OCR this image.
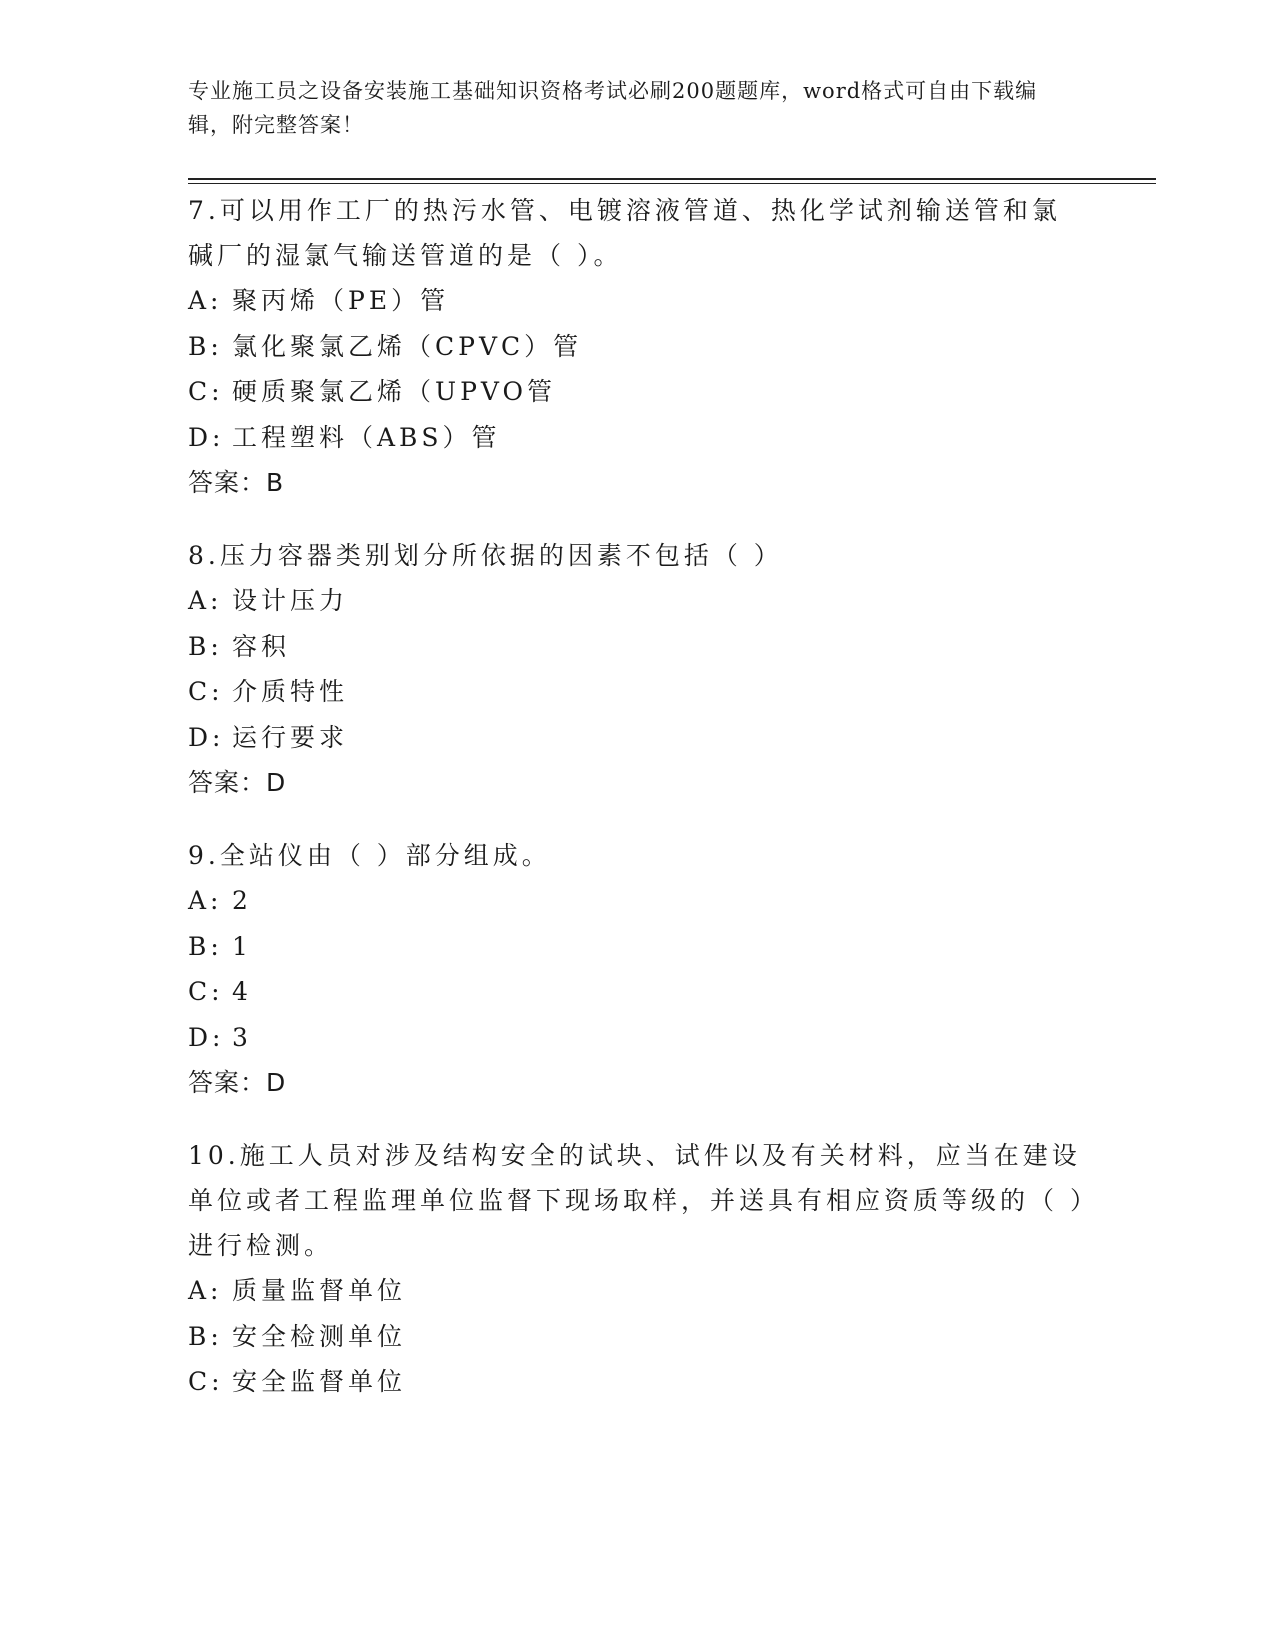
专业施工员之设备安装施工基础知识资格考试必刷200题题库，word格式可自由下载编辑，附完整答案！

7.可以用作工厂的热污水管、电镀溶液管道、热化学试剂输送管和氯碱厂的湿氯气输送管道的是（ ）。

A: 聚丙烯（PE）管

B: 氯化聚氯乙烯（CPVC）管

C: 硬质聚氯乙烯（UPVO管

D: 工程塑料（ABS）管

答案：B

8.压力容器类别划分所依据的因素不包括（ ）

A: 设计压力

B: 容积

C: 介质特性

D: 运行要求

答案：D

9.全站仪由（ ）部分组成。

A: 2

B: 1

C: 4

D: 3

答案：D

10.施工人员对涉及结构安全的试块、试件以及有关材料，应当在建设单位或者工程监理单位监督下现场取样，并送具有相应资质等级的（ ）进行检测。

A: 质量监督单位

B: 安全检测单位

C: 安全监督单位
